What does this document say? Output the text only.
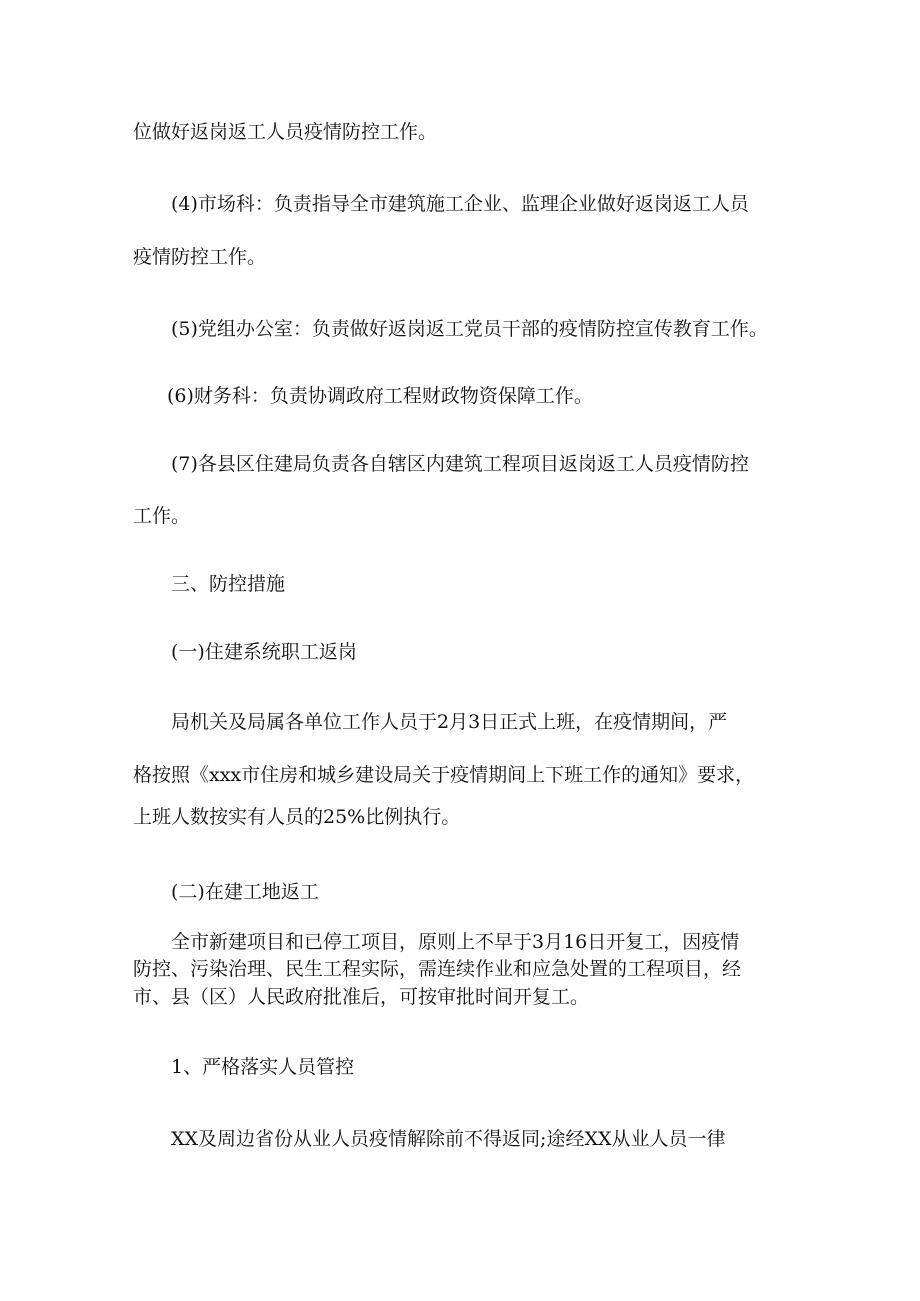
位做好返岗返工人员疫情防控工作。

(4)市场科：负责指导全市建筑施工企业、监理企业做好返岗返工人员

疫情防控工作。

(5)党组办公室：负责做好返岗返工党员干部的疫情防控宣传教育工作。

(6)财务科：负责协调政府工程财政物资保障工作。

(7)各县区住建局负责各自辖区内建筑工程项目返岗返工人员疫情防控

工作。

三、防控措施

(一)住建系统职工返岗

局机关及局属各单位工作人员于2月3日正式上班，在疫情期间，严

格按照《xxx市住房和城乡建设局关于疫情期间上下班工作的通知》要求，

上班人数按实有人员的25%比例执行。

(二)在建工地返工

全市新建项目和已停工项目，原则上不早于3月16日开复工，因疫情

防控、污染治理、民生工程实际，需连续作业和应急处置的工程项目，经

市、县（区）人民政府批准后，可按审批时间开复工。

1、严格落实人员管控

XX及周边省份从业人员疫情解除前不得返同;途经XX从业人员一律
